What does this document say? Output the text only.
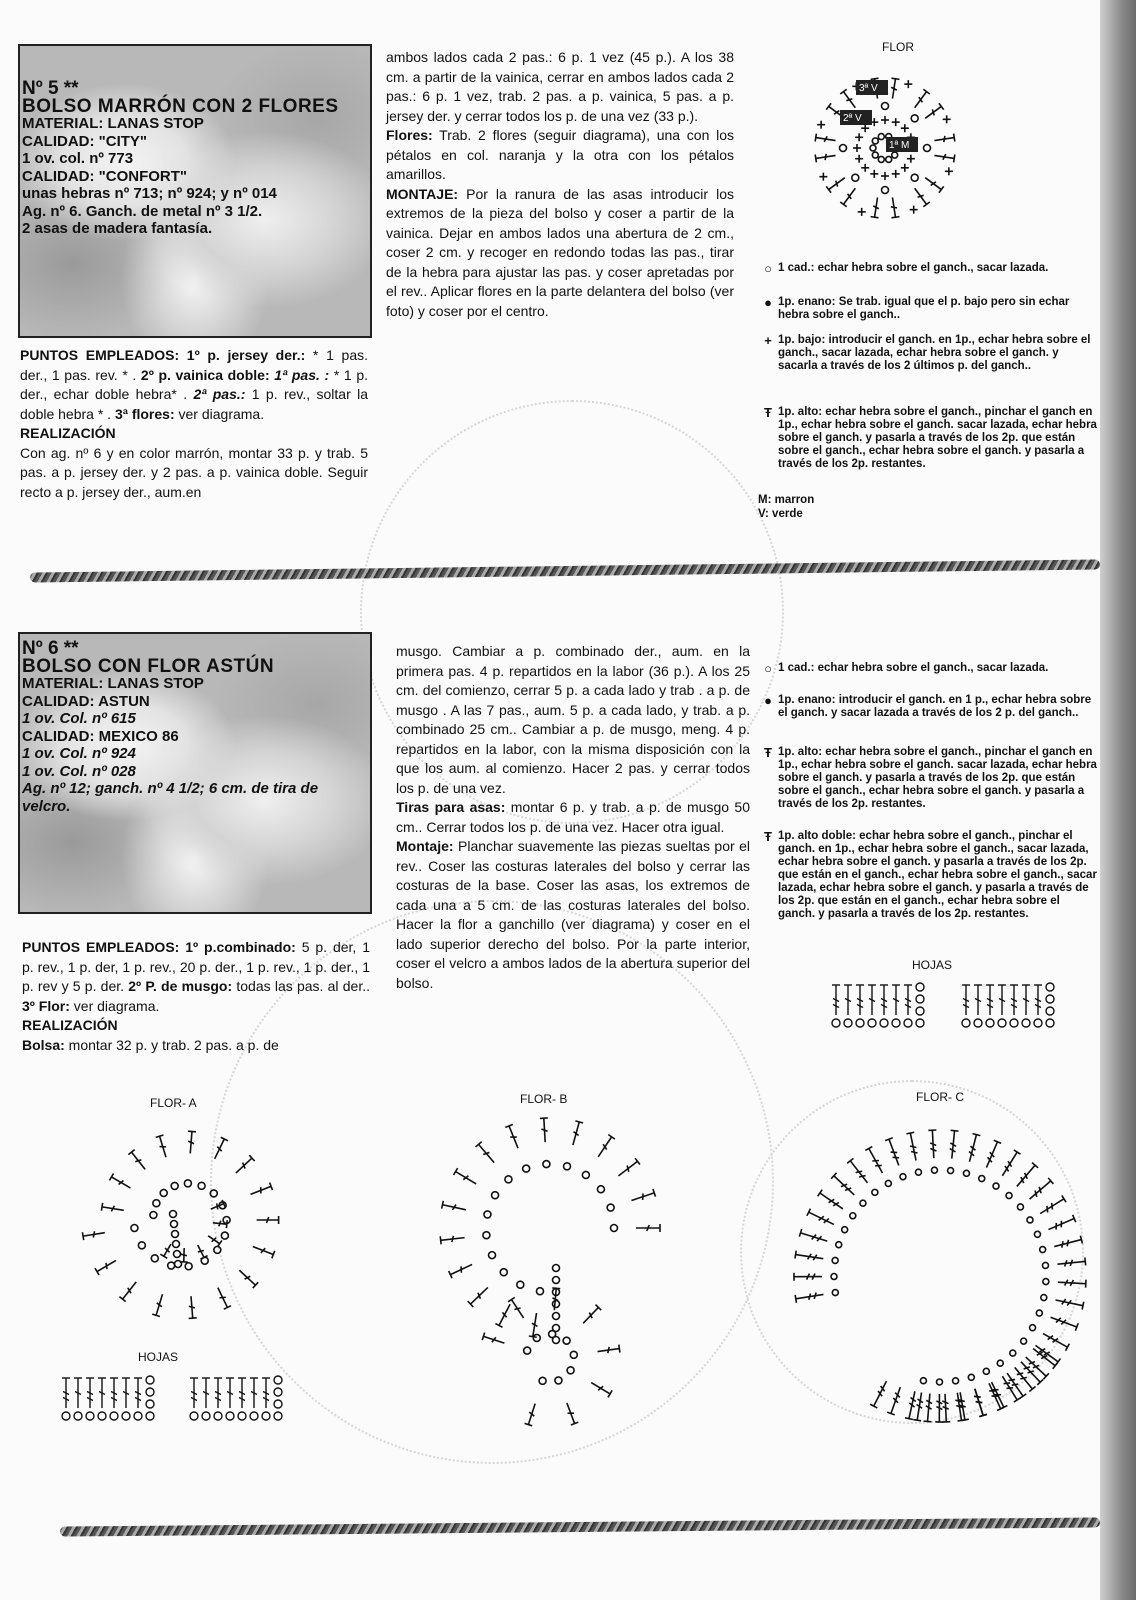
Nº 5 **
BOLSO MARRÓN CON 2 FLORES
MATERIAL: LANAS STOP
CALIDAD: "CITY"
1 ov. col. nº 773
CALIDAD: "CONFORT"
unas hebras nº 713; nº 924; y nº 014
Ag. nº 6. Ganch. de metal nº 3 1/2.
2 asas de madera fantasía.

PUNTOS EMPLEADOS: 1º p. jersey der.: * 1 pas. der., 1 pas. rev. * . 2º p. vainica doble: 1ª pas. : * 1 p. der., echar doble hebra* . 2ª pas.: 1 p. rev., soltar la doble hebra * . 3ª flores: ver diagrama.

REALIZACIÓN

Con ag. nº 6 y en color marrón, montar 33 p. y trab. 5 pas. a p. jersey der. y 2 pas. a p. vainica doble. Seguir recto a p. jersey der., aum.en

ambos lados cada 2 pas.: 6 p. 1 vez (45 p.). A los 38 cm. a partir de la vainica, cerrar en ambos lados cada 2 pas.: 6 p. 1 vez, trab. 2 pas. a p. vainica, 5 pas. a p. jersey der. y cerrar todos los p. de una vez (33 p.).

Flores: Trab. 2 flores (seguir diagrama), una con los pétalos en col. naranja y la otra con los pétalos amarillos.

MONTAJE: Por la ranura de las asas introducir los extremos de la pieza del bolso y coser a partir de la vainica. Dejar en ambos lados una abertura de 2 cm., coser 2 cm. y recoger en redondo todas las pas., tirar de la hebra para ajustar las pas. y coser apretadas por el rev.. Aplicar flores en la parte delantera del bolso (ver foto) y coser por el centro.

FLOR
3ª V
2ª V
1ª M
○ 1 cad.: echar hebra sobre el ganch., sacar lazada.
● 1p. enano: Se trab. igual que el p. bajo pero sin echar hebra sobre el ganch..
+ 1p. bajo: introducir el ganch. en 1p., echar hebra sobre el ganch., sacar lazada, echar hebra sobre el ganch. y sacarla a través de los 2 últimos p. del ganch..
Ŧ 1p. alto: echar hebra sobre el ganch., pinchar el ganch en 1p., echar hebra sobre el ganch. sacar lazada, echar hebra sobre el ganch. y pasarla a través de los 2p. que están sobre el ganch., echar hebra sobre el ganch. y pasarla a través de los 2p. restantes.
M: marron
V: verde
Nº 6 **
BOLSO CON FLOR ASTÚN
MATERIAL: LANAS STOP
CALIDAD: ASTUN
1 ov. Col. nº 615
CALIDAD: MEXICO 86
1 ov. Col. nº 924
1 ov. Col. nº 028
Ag. nº 12; ganch. nº 4 1/2; 6 cm. de tira de velcro.

PUNTOS EMPLEADOS: 1º p.combinado: 5 p. der, 1 p. rev., 1 p. der, 1 p. rev., 20 p. der., 1 p. rev., 1 p. der., 1 p. rev y 5 p. der. 2º P. de musgo: todas las pas. al der.. 3º Flor: ver diagrama.

REALIZACIÓN

Bolsa: montar 32 p. y trab. 2 pas. a p. de

musgo. Cambiar a p. combinado der., aum. en la primera pas. 4 p. repartidos en la labor (36 p.). A los 25 cm. del comienzo, cerrar 5 p. a cada lado y trab . a p. de musgo . A las 7 pas., aum. 5 p. a cada lado, y trab. a p. combinado 25 cm.. Cambiar a p. de musgo, meng. 4 p. repartidos en la labor, con la misma disposición con la que los aum. al comienzo. Hacer 2 pas. y cerrar todos los p. de una vez.

Tiras para asas: montar 6 p. y trab. a p. de musgo 50 cm.. Cerrar todos los p. de una vez. Hacer otra igual.

Montaje: Planchar suavemente las piezas sueltas por el rev.. Coser las costuras laterales del bolso y cerrar las costuras de la base. Coser las asas, los extremos de cada una a 5 cm. de las costuras laterales del bolso. Hacer la flor a ganchillo (ver diagrama) y coser en el lado superior derecho del bolso. Por la parte interior, coser el velcro a ambos lados de la abertura superior del bolso.

○ 1 cad.: echar hebra sobre el ganch., sacar lazada.
● 1p. enano: introducir el ganch. en 1 p., echar hebra sobre el ganch. y sacar lazada a través de los 2 p. del ganch..
Ŧ 1p. alto: echar hebra sobre el ganch., pinchar el ganch en 1p., echar hebra sobre el ganch. sacar lazada, echar hebra sobre el ganch. y pasarla a través de los 2p. que están sobre el ganch., echar hebra sobre el ganch. y pasarla a través de los 2p. restantes.
Ŧ 1p. alto doble: echar hebra sobre el ganch., pinchar el ganch. en 1p., echar hebra sobre el ganch., sacar lazada, echar hebra sobre el ganch. y pasarla a través de los 2p. que están en el ganch., echar hebra sobre el ganch., sacar lazada, echar hebra sobre el ganch. y pasarla a través de los 2p. que están en el ganch., echar hebra sobre el ganch. y pasarla a través de los 2p. restantes.
HOJAS
FLOR- A
HOJAS
FLOR- B	FLOR- C
